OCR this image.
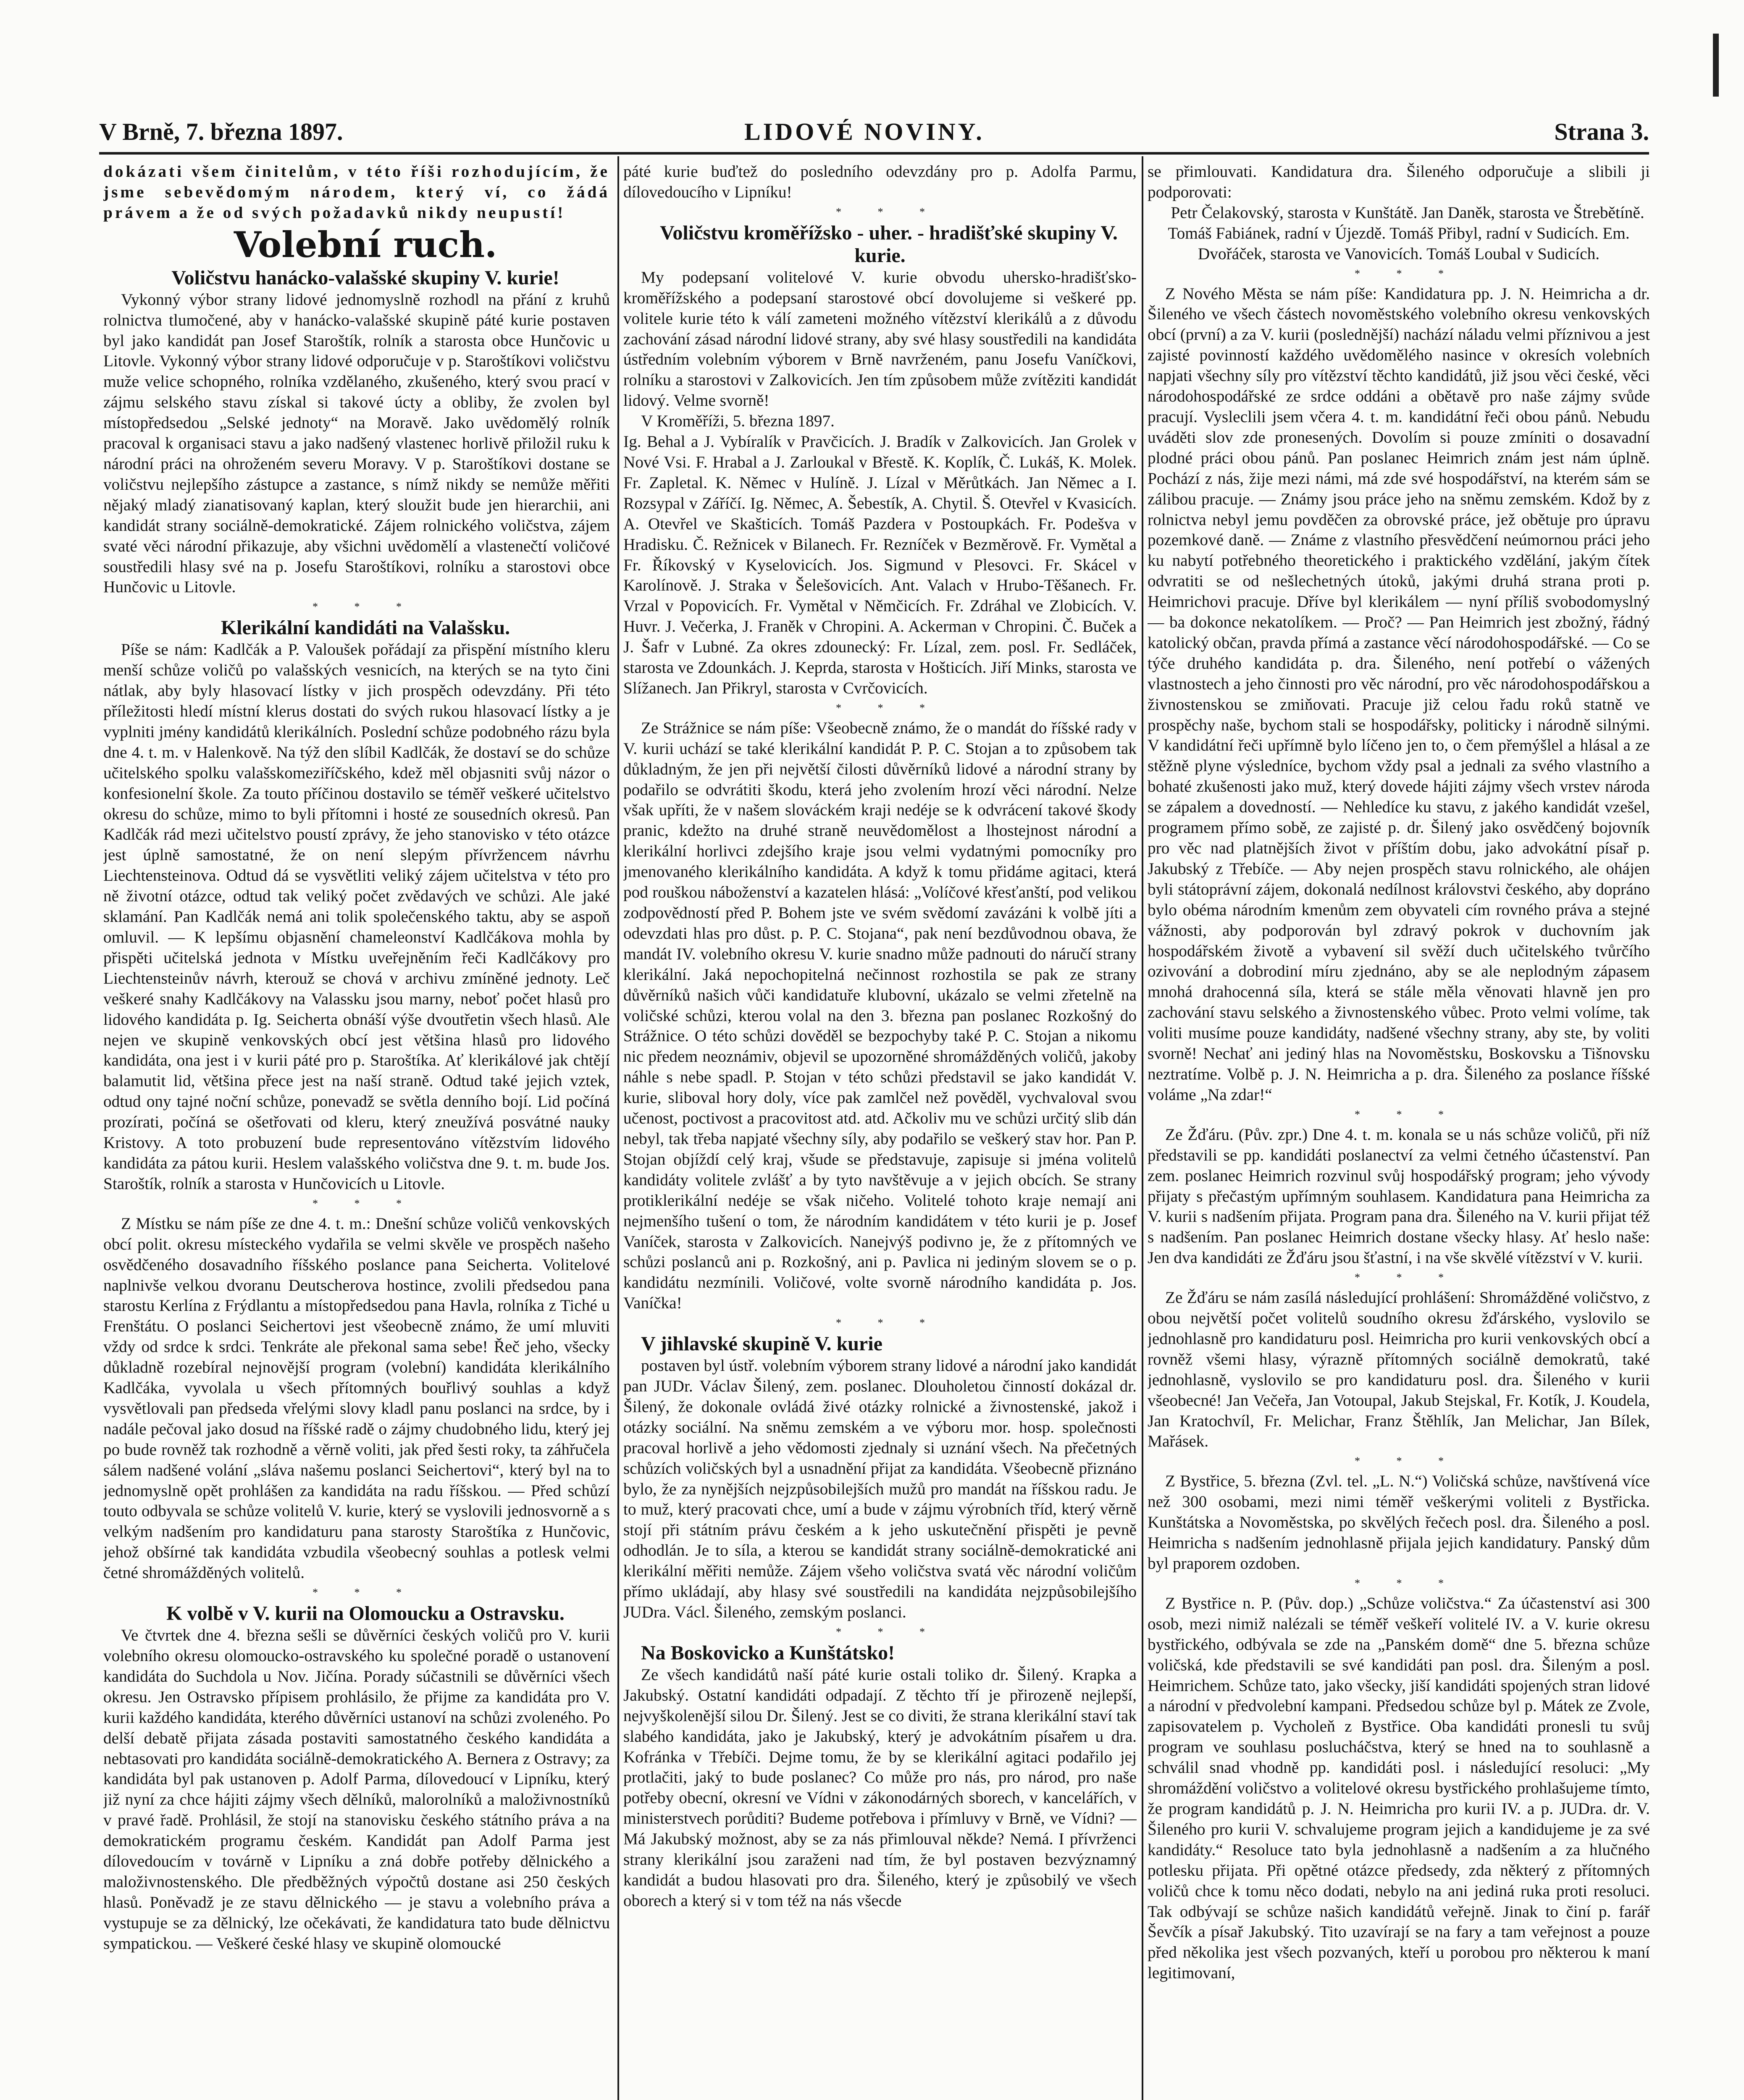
V Brně, 7. března 1897.	LIDOVÉ NOVINY.	Strana 3.

dokázati všem činitelům, v této říši rozhodujícím, že jsme sebevědomým národem, který ví, co žádá právem a že od svých požadavků nikdy neupustí!

Volební ruch.

Voličstvu hanácko-valašské skupiny V. kurie!

Vykonný výbor strany lidové jednomyslně rozhodl na přání z kruhů rolnictva tlumočené, aby v hanácko-valašské skupině páté kurie postaven byl jako kandidát pan Josef Staroštík, rolník a starosta obce Hunčovic u Litovle. Vykonný výbor strany lidové odporučuje v p. Staroštíkovi voličstvu muže velice schopného, rolníka vzdělaného, zkušeného, který svou prací v zájmu selského stavu získal si takové úcty a obliby, že zvolen byl místopředsedou „Selské jednoty“ na Moravě. Jako uvědomělý rolník pracoval k organisaci stavu a jako nadšený vlastenec horlivě přiložil ruku k národní práci na ohroženém severu Moravy. V p. Staroštíkovi dostane se voličstvu nejlepšího zástupce a zastance, s nímž nikdy se nemůže měřiti nějaký mladý zianatisovaný kaplan, který sloužit bude jen hierarchii, ani kandidát strany sociálně-demokratické. Zájem rolnického voličstva, zájem svaté věci národní přikazuje, aby všichni uvědomělí a vlastenečtí voličové soustředili hlasy své na p. Josefu Staroštíkovi, rolníku a starostovi obce Hunčovic u Litovle.

* * *

Klerikální kandidáti na Valašsku.

Píše se nám: Kadlčák a P. Valoušek pořádají za přispění místního kleru menší schůze voličů po valašských vesnicích, na kterých se na tyto čini nátlak, aby byly hlasovací lístky v jich prospěch odevzdány. Při této příležitosti hledí místní klerus dostati do svých rukou hlasovací lístky a je vyplniti jmény kandidátů klerikálních. Poslední schůze podobného rázu byla dne 4. t. m. v Halenkově. Na týž den slíbil Kadlčák, že dostaví se do schůze učitelského spolku valašskomeziříčského, kdež měl objasniti svůj názor o konfesionelní škole. Za touto příčinou dostavilo se téměř veškeré učitelstvo okresu do schůze, mimo to byli přítomni i hosté ze sousedních okresů. Pan Kadlčák rád mezi učitelstvo poustí zprávy, že jeho stanovisko v této otázce jest úplně samostatné, že on není slepým přívržencem návrhu Liechtensteinova. Odtud dá se vysvětliti veliký zájem učitelstva v této pro ně životní otázce, odtud tak veliký počet zvědavých ve schůzi. Ale jaké sklamání. Pan Kadlčák nemá ani tolik společenského taktu, aby se aspoň omluvil. — K lepšímu objasnění chameleonství Kadlčákova mohla by přispěti učitelská jednota v Místku uveřejněním řeči Kadlčákovy pro Liechtensteinův návrh, kterouž se chová v archivu zmíněné jednoty. Leč veškeré snahy Kadlčákovy na Valassku jsou marny, neboť počet hlasů pro lidového kandidáta p. Ig. Seicherta obnáší výše dvoutřetin všech hlasů. Ale nejen ve skupině venkovských obcí jest většina hlasů pro lidového kandidáta, ona jest i v kurii páté pro p. Staroštíka. Ať klerikálové jak chtějí balamutit lid, většina přece jest na naší straně. Odtud také jejich vztek, odtud ony tajné noční schůze, ponevadž se světla denního bojí. Lid počíná prozírati, počíná se ošetřovati od kleru, který zneužívá posvátné nauky Kristovy. A toto probuzení bude representováno vítězstvím lidového kandidáta za pátou kurii. Heslem valašského voličstva dne 9. t. m. bude Jos. Staroštík, rolník a starosta v Hunčovicích u Litovle.

* * *

Z Místku se nám píše ze dne 4. t. m.: Dnešní schůze voličů venkovských obcí polit. okresu místeckého vydařila se velmi skvěle ve prospěch našeho osvědčeného dosavadního říšského poslance pana Seicherta. Volitelové naplnivše velkou dvoranu Deutscherova hostince, zvolili předsedou pana starostu Kerlína z Frýdlantu a místopředsedou pana Havla, rolníka z Tiché u Frenštátu. O poslanci Seichertovi jest všeobecně známo, že umí mluviti vždy od srdce k srdci. Tenkráte ale překonal sama sebe! Řeč jeho, všecky důkladně rozebíral nejnovější program (volební) kandidáta klerikálního Kadlčáka, vyvolala u všech přítomných bouřlivý souhlas a když vysvětlovali pan předseda vřelými slovy kladl panu poslanci na srdce, by i nadále pečoval jako dosud na říšské radě o zájmy chudobného lidu, který jej po bude rovněž tak rozhodně a věrně voliti, jak před šesti roky, ta záhřučela sálem nadšené volání „sláva našemu poslanci Seichertovi“, který byl na to jednomyslně opět prohlášen za kandidáta na radu říšskou. — Před schůzí touto odbyvala se schůze volitelů V. kurie, který se vyslovili jednosvorně a s velkým nadšením pro kandidaturu pana starosty Staroštíka z Hunčovic, jehož obšírné tak kandidáta vzbudila všeobecný souhlas a potlesk velmi četné shromážděných volitelů.

* * *

K volbě v V. kurii na Olomoucku a Ostravsku.

Ve čtvrtek dne 4. března sešli se důvěrníci českých voličů pro V. kurii volebního okresu olomoucko-ostravského ku společné poradě o ustanovení kandidáta do Suchdola u Nov. Jičína. Porady súčastnili se důvěrníci všech okresu. Jen Ostravsko přípisem prohlásilo, že přijme za kandidáta pro V. kurii každého kandidáta, kterého důvěrníci ustanoví na schůzi zvoleného. Po delší debatě přijata zásada postaviti samostatného českého kandidáta a nebtasovati pro kandidáta sociálně-demokratického A. Bernera z Ostravy; za kandidáta byl pak ustanoven p. Adolf Parma, dílovedoucí v Lipníku, který již nyní za chce hájiti zájmy všech dělníků, malorolníků a maloživnostníků v pravé řadě. Prohlásil, že stojí na stanovisku českého státního práva a na demokratickém programu českém. Kandidát pan Adolf Parma jest dílovedoucím v továrně v Lipníku a zná dobře potřeby dělnického a maloživnostenského. Dle předběžných výpočtů dostane asi 250 českých hlasů. Poněvadž je ze stavu dělnického — je stavu a volebního práva a vystupuje se za dělnický, lze očekávati, že kandidatura tato bude dělnictvu sympatickou. — Veškeré české hlasy ve skupině olomoucké

páté kurie buďtež do posledního odevzdány pro p. Adolfa Parmu, dílovedoucího v Lipníku!

* * *

Voličstvu kroměřížsko - uher. - hradišťské skupiny V. kurie.

My podepsaní volitelové V. kurie obvodu uhersko-hradišťsko-kroměřížského a podepsaní starostové obcí dovolujeme si veškeré pp. volitele kurie této k válí zameteni možného vítězství klerikálů a z důvodu zachování zásad národní lidové strany, aby své hlasy soustředili na kandidáta ústředním volebním výborem v Brně navrženém, panu Josefu Vaníčkovi, rolníku a starostovi v Zalkovicích. Jen tím způsobem může zvítěziti kandidát lidový. Velme svorně!

V Kroměříži, 5. března 1897.

Ig. Behal a J. Vybíralík v Pravčicích. J. Bradík v Zalkovicích. Jan Grolek v Nové Vsi. F. Hrabal a J. Zarloukal v Břestě. K. Koplík, Č. Lukáš, K. Molek. Fr. Zapletal. K. Němec v Hulíně. J. Lízal v Měrůtkách. Jan Němec a I. Rozsypal v Záříčí. Ig. Němec, A. Šebestík, A. Chytil. Š. Otevřel v Kvasicích. A. Otevřel ve Skašticích. Tomáš Pazdera v Postoupkách. Fr. Podešva v Hradisku. Č. Režnicek v Bilanech. Fr. Rezníček v Bezměrově. Fr. Vymětal a Fr. Říkovský v Kyselovicích. Jos. Sigmund v Plesovci. Fr. Skácel v Karolínově. J. Straka v Šelešovicích. Ant. Valach v Hrubo-Těšanech. Fr. Vrzal v Popovicích. Fr. Vymětal v Němčicích. Fr. Zdráhal ve Zlobicích. V. Huvr. J. Večerka, J. Franěk v Chropini. A. Ackerman v Chropini. Č. Buček a J. Šafr v Lubné. Za okres zdounecký: Fr. Lízal, zem. posl. Fr. Sedláček, starosta ve Zdounkách. J. Keprda, starosta v Hošticích. Jiří Minks, starosta ve Slížanech. Jan Přikryl, starosta v Cvrčovicích.

* * *

Ze Strážnice se nám píše: Všeobecně známo, že o mandát do říšské rady v V. kurii uchází se také klerikální kandidát P. P. C. Stojan a to způsobem tak důkladným, že jen při největší čilosti důvěrníků lidové a národní strany by podařilo se odvrátiti škodu, která jeho zvolením hrozí věci národní. Nelze však upříti, že v našem slováckém kraji nedéje se k odvrácení takové škody pranic, kdežto na druhé straně neuvědomělost a lhostejnost národní a klerikální horlivci zdejšího kraje jsou velmi vydatnými pomocníky pro jmenovaného klerikálního kandidáta. A když k tomu přidáme agitaci, která pod rouškou náboženství a kazatelen hlásá: „Volíčové křesťanští, pod velikou zodpovědností před P. Bohem jste ve svém svědomí zavázáni k volbě jíti a odevzdati hlas pro důst. p. P. C. Stojana“, pak není bezdůvodnou obava, že mandát IV. volebního okresu V. kurie snadno může padnouti do náručí strany klerikální. Jaká nepochopitelná nečinnost rozhostila se pak ze strany důvěrníků našich vůči kandidatuře klubovní, ukázalo se velmi zřetelně na voličské schůzi, kterou volal na den 3. března pan poslanec Rozkošný do Strážnice. O této schůzi dověděl se bezpochyby také P. C. Stojan a nikomu nic předem neoznámiv, objevil se upozorněné shromážděných voličů, jakoby náhle s nebe spadl. P. Stojan v této schůzi představil se jako kandidát V. kurie, sliboval hory doly, více pak zamlčel než pověděl, vychvaloval svou učenost, poctivost a pracovitost atd. atd. Ačkoliv mu ve schůzi určitý slib dán nebyl, tak třeba napjaté všechny síly, aby podařilo se veškerý stav hor. Pan P. Stojan objíždí celý kraj, všude se představuje, zapisuje si jména volitelů kandidáty volitele zvlášť a by tyto navštěvuje a v jejich obcích. Se strany protiklerikální nedéje se však ničeho. Volitelé tohoto kraje nemají ani nejmenšího tušení o tom, že národním kandidátem v této kurii je p. Josef Vaníček, starosta v Zalkovicích. Nanejvýš podivno je, že z přítomných ve schůzi poslanců ani p. Rozkošný, ani p. Pavlica ni jediným slovem se o p. kandidátu nezmínili. Voličové, volte svorně národního kandidáta p. Jos. Vaníčka!

* * *

V jihlavské skupině V. kurie

postaven byl ústř. volebním výborem strany lidové a národní jako kandidát pan JUDr. Václav Šilený, zem. poslanec. Dlouholetou činností dokázal dr. Šilený, že dokonale ovládá živé otázky rolnické a živnostenské, jakož i otázky sociální. Na sněmu zemském a ve výboru mor. hosp. společnosti pracoval horlivě a jeho vědomosti zjednaly si uznání všech. Na přečetných schůzích voličských byl a usnadnění přijat za kandidáta. Všeobecně přiznáno bylo, že za nynějších nejzpůsobilejších mužů pro mandát na říšskou radu. Je to muž, který pracovati chce, umí a bude v zájmu výrobních tříd, který věrně stojí při státním právu českém a k jeho uskutečnění přispěti je pevně odhodlán. Je to síla, a kterou se kandidát strany sociálně-demokratické ani klerikální měřiti nemůže. Zájem všeho voličstva svatá věc národní voličům přímo ukládají, aby hlasy své soustředili na kandidáta nejzpůsobilejšího JUDra. Václ. Šileného, zemským poslanci.

* * *

Na Boskovicko a Kunštátsko!

Ze všech kandidátů naší páté kurie ostali toliko dr. Šilený. Krapka a Jakubský. Ostatní kandidáti odpadají. Z těchto tří je přirozeně nejlepší, nejvyškolenější silou Dr. Šilený. Jest se co diviti, že strana klerikální staví tak slabého kandidáta, jako je Jakubský, který je advokátním písařem u dra. Kofránka v Třebíči. Dejme tomu, že by se klerikální agitaci podařilo jej protlačiti, jaký to bude poslanec? Co může pro nás, pro národ, pro naše potřeby obecní, okresní ve Vídni v zákonodárných sborech, v kancelářích, v ministerstvech porůditi? Budeme potřebova i přímluvy v Brně, ve Vídni? — Má Jakubský možnost, aby se za nás přimlouval někde? Nemá. I přívrženci strany klerikální jsou zaraženi nad tím, že byl postaven bezvýznamný kandidát a budou hlasovati pro dra. Šileného, který je způsobilý ve všech oborech a který si v tom též na nás všecde

se přimlouvati. Kandidatura dra. Šileného odporučuje a slibili ji podporovati:

Petr Čelakovský, starosta v Kunštátě. Jan Daněk, starosta ve Štrebětíně. Tomáš Fabiánek, radní v Újezdě. Tomáš Přibyl, radní v Sudicích. Em. Dvořáček, starosta ve Vanovicích. Tomáš Loubal v Sudicích.

* * *

Z Nového Města se nám píše: Kandidatura pp. J. N. Heimricha a dr. Šileného ve všech částech novoměstského volebního okresu venkovských obcí (první) a za V. kurii (poslednější) nachází náladu velmi příznivou a jest zajisté povinností každého uvědomělého nasince v okresích volebních napjati všechny síly pro vítězství těchto kandidátů, již jsou věci české, věci národohospodářské ze srdce oddáni a obětavě pro naše zájmy svůde pracují. Vysleclili jsem včera 4. t. m. kandidátní řeči obou pánů. Nebudu uváděti slov zde pronesených. Dovolím si pouze zmíniti o dosavadní plodné práci obou pánů. Pan poslanec Heimrich znám jest nám úplně. Pochází z nás, žije mezi námi, má zde své hospodářství, na kterém sám se zálibou pracuje. — Známy jsou práce jeho na sněmu zemském. Kdož by z rolnictva nebyl jemu povděčen za obrovské práce, jež obětuje pro úpravu pozemkové daně. — Známe z vlastního přesvědčení neúmornou práci jeho ku nabytí potřebného theoretického i praktického vzdělání, jakým čítek odvratiti se od nešlechetných útoků, jakými druhá strana proti p. Heimrichovi pracuje. Dříve byl klerikálem — nyní příliš svobodomyslný — ba dokonce nekatolíkem. — Proč? — Pan Heimrich jest zbožný, řádný katolický občan, pravda přímá a zastance věcí národohospodářské. — Co se týče druhého kandidáta p. dra. Šileného, není potřebí o vážených vlastnostech a jeho činnosti pro věc národní, pro věc národohospodářskou a živnostenskou se zmiňovati. Pracuje již celou řadu roků statně ve prospěchy naše, bychom stali se hospodářsky, politicky i národně silnými. V kandidátní řeči upřímně bylo líčeno jen to, o čem přemýšlel a hlásal a ze stěžně plyne výsledníce, bychom vždy psal a jednali za svého vlastního a bohaté zkušenosti jako muž, který dovede hájiti zájmy všech vrstev národa se zápalem a dovedností. — Nehledíce ku stavu, z jakého kandidát vzešel, programem přímo sobě, ze zajisté p. dr. Šilený jako osvědčený bojovník pro věc nad platnějších život v příštím dobu, jako advokátní písař p. Jakubský z Třebíče. — Aby nejen prospěch stavu rolnického, ale ohájen byli státoprávní zájem, dokonalá nedílnost královstvi českého, aby dopráno bylo obéma národním kmenům zem obyvateli cím rovného práva a stejné vážnosti, aby podporován byl zdravý pokrok v duchovním jak hospodářském životě a vybavení sil svěží duch učitelského tvůrčího ozivování a dobrodiní míru zjednáno, aby se ale neplodným zápasem mnohá drahocenná síla, která se stále měla věnovati hlavně jen pro zachování stavu selského a živnostenského vůbec. Proto velmi volíme, tak voliti musíme pouze kandidáty, nadšené všechny strany, aby ste, by voliti svorně! Nechať ani jediný hlas na Novoměstsku, Boskovsku a Tišnovsku neztratíme. Volbě p. J. N. Heimricha a p. dra. Šileného za poslance říšské voláme „Na zdar!“

* * *

Ze Žďáru. (Pův. zpr.) Dne 4. t. m. konala se u nás schůze voličů, při níž představili se pp. kandidáti poslanectví za velmi četného účastenství. Pan zem. poslanec Heimrich rozvinul svůj hospodářský program; jeho vývody přijaty s přečastým upřímným souhlasem. Kandidatura pana Heimricha za V. kurii s nadšením přijata. Program pana dra. Šileného na V. kurii přijat též s nadšením. Pan poslanec Heimrich dostane všecky hlasy. Ať heslo naše: Jen dva kandidáti ze Žďáru jsou šťastní, i na vše skvělé vítězství v V. kurii.

* * *

Ze Žďáru se nám zasílá následující prohlášení: Shromážděné voličstvo, z obou největší počet volitelů soudního okresu žďárského, vyslovilo se jednohlasně pro kandidaturu posl. Heimricha pro kurii venkovských obcí a rovněž všemi hlasy, výrazně přítomných sociálně demokratů, také jednohlasně, vyslovilo se pro kandidaturu posl. dra. Šileného v kurii všeobecné! Jan Večeřa, Jan Votoupal, Jakub Stejskal, Fr. Kotík, J. Koudela, Jan Kratochvíl, Fr. Melichar, Franz Štěhlík, Jan Melichar, Jan Bílek, Mařásek.

* * *

Z Bystřice, 5. března (Zvl. tel. „L. N.“) Voličská schůze, navštívená více než 300 osobami, mezi nimi téměř veškerými voliteli z Bystřicka. Kunštátska a Novoměstska, po skvělých řečech posl. dra. Šileného a posl. Heimricha s nadšením jednohlasně přijala jejich kandidatury. Panský dům byl praporem ozdoben.

* * *

Z Bystřice n. P. (Pův. dop.) „Schůze voličstva.“ Za účastenství asi 300 osob, mezi nimiž nalézali se téměř veškeří volitelé IV. a V. kurie okresu bystřického, odbývala se zde na „Panském domě“ dne 5. března schůze voličská, kde představili se své kandidáti pan posl. dra. Šileným a posl. Heimrichem. Schůze tato, jako všecky, jiší kandidáti spojených stran lidové a národní v předvolební kampani. Předsedou schůze byl p. Mátek ze Zvole, zapisovatelem p. Vycholeň z Bystřice. Oba kandidáti pronesli tu svůj program ve souhlasu poslucháčstva, který se hned na to souhlasně a schválil snad vhodně pp. kandidáti posl. i následující resoluci: „My shromáždění voličstvo a volitelové okresu bystřického prohlašujeme tímto, že program kandidátů p. J. N. Heimricha pro kurii IV. a p. JUDra. dr. V. Šileného pro kurii V. schvalujeme program jejich a kandidujeme je za své kandidáty.“ Resoluce tato byla jednohlasně a nadšením a za hlučného potlesku přijata. Při opětné otázce předsedy, zda některý z přítomných voličů chce k tomu něco dodati, nebylo na ani jediná ruka proti resoluci. Tak odbývají se schůze našich kandidátů veřejně. Jinak to činí p. farář Ševčík a písař Jakubský. Tito uzavírají se na fary a tam veřejnost a pouze před několika jest všech pozvaných, kteří u porobou pro některou k maní legitimovaní,
